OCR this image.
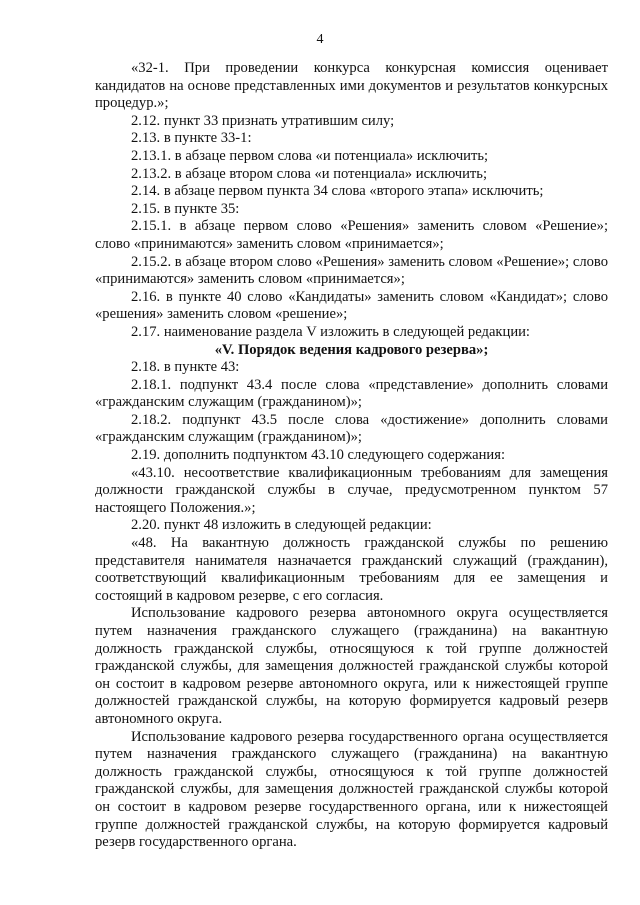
4

«32-1. При проведении конкурса конкурсная комиссия оценивает кандидатов на основе представленных ими документов и результатов конкурсных процедур.»;

2.12. пункт 33 признать утратившим силу;

2.13. в пункте 33-1:

2.13.1. в абзаце первом слова «и потенциала» исключить;

2.13.2. в абзаце втором слова «и потенциала» исключить;

2.14. в абзаце первом пункта 34 слова «второго этапа» исключить;

2.15. в пункте 35:

2.15.1. в абзаце первом слово «Решения» заменить словом «Решение»; слово «принимаются» заменить словом «принимается»;

2.15.2. в абзаце втором слово «Решения» заменить словом «Решение»; слово «принимаются» заменить словом «принимается»;

2.16. в пункте 40 слово «Кандидаты» заменить словом «Кандидат»; слово «решения» заменить словом «решение»;

2.17. наименование раздела V изложить в следующей редакции:

«V. Порядок ведения кадрового резерва»;

2.18. в пункте 43:

2.18.1. подпункт 43.4 после слова «представление» дополнить словами «гражданским служащим (гражданином)»;

2.18.2. подпункт 43.5 после слова «достижение» дополнить словами «гражданским служащим (гражданином)»;

2.19. дополнить подпунктом 43.10 следующего содержания:

«43.10. несоответствие квалификационным требованиям для замещения должности гражданской службы в случае, предусмотренном пунктом 57 настоящего Положения.»;

2.20. пункт 48 изложить в следующей редакции:

«48. На вакантную должность гражданской службы по решению представителя нанимателя назначается гражданский служащий (гражданин), соответствующий квалификационным требованиям для ее замещения и состоящий в кадровом резерве, с его согласия.

Использование кадрового резерва автономного округа осуществляется путем назначения гражданского служащего (гражданина) на вакантную должность гражданской службы, относящуюся к той группе должностей гражданской службы, для замещения должностей гражданской службы которой он состоит в кадровом резерве автономного округа, или к нижестоящей группе должностей гражданской службы, на которую формируется кадровый резерв автономного округа.

Использование кадрового резерва государственного органа осуществляется путем назначения гражданского служащего (гражданина) на вакантную должность гражданской службы, относящуюся к той группе должностей гражданской службы, для замещения должностей гражданской службы которой он состоит в кадровом резерве государственного органа, или к нижестоящей группе должностей гражданской службы, на которую формируется кадровый резерв государственного органа.
